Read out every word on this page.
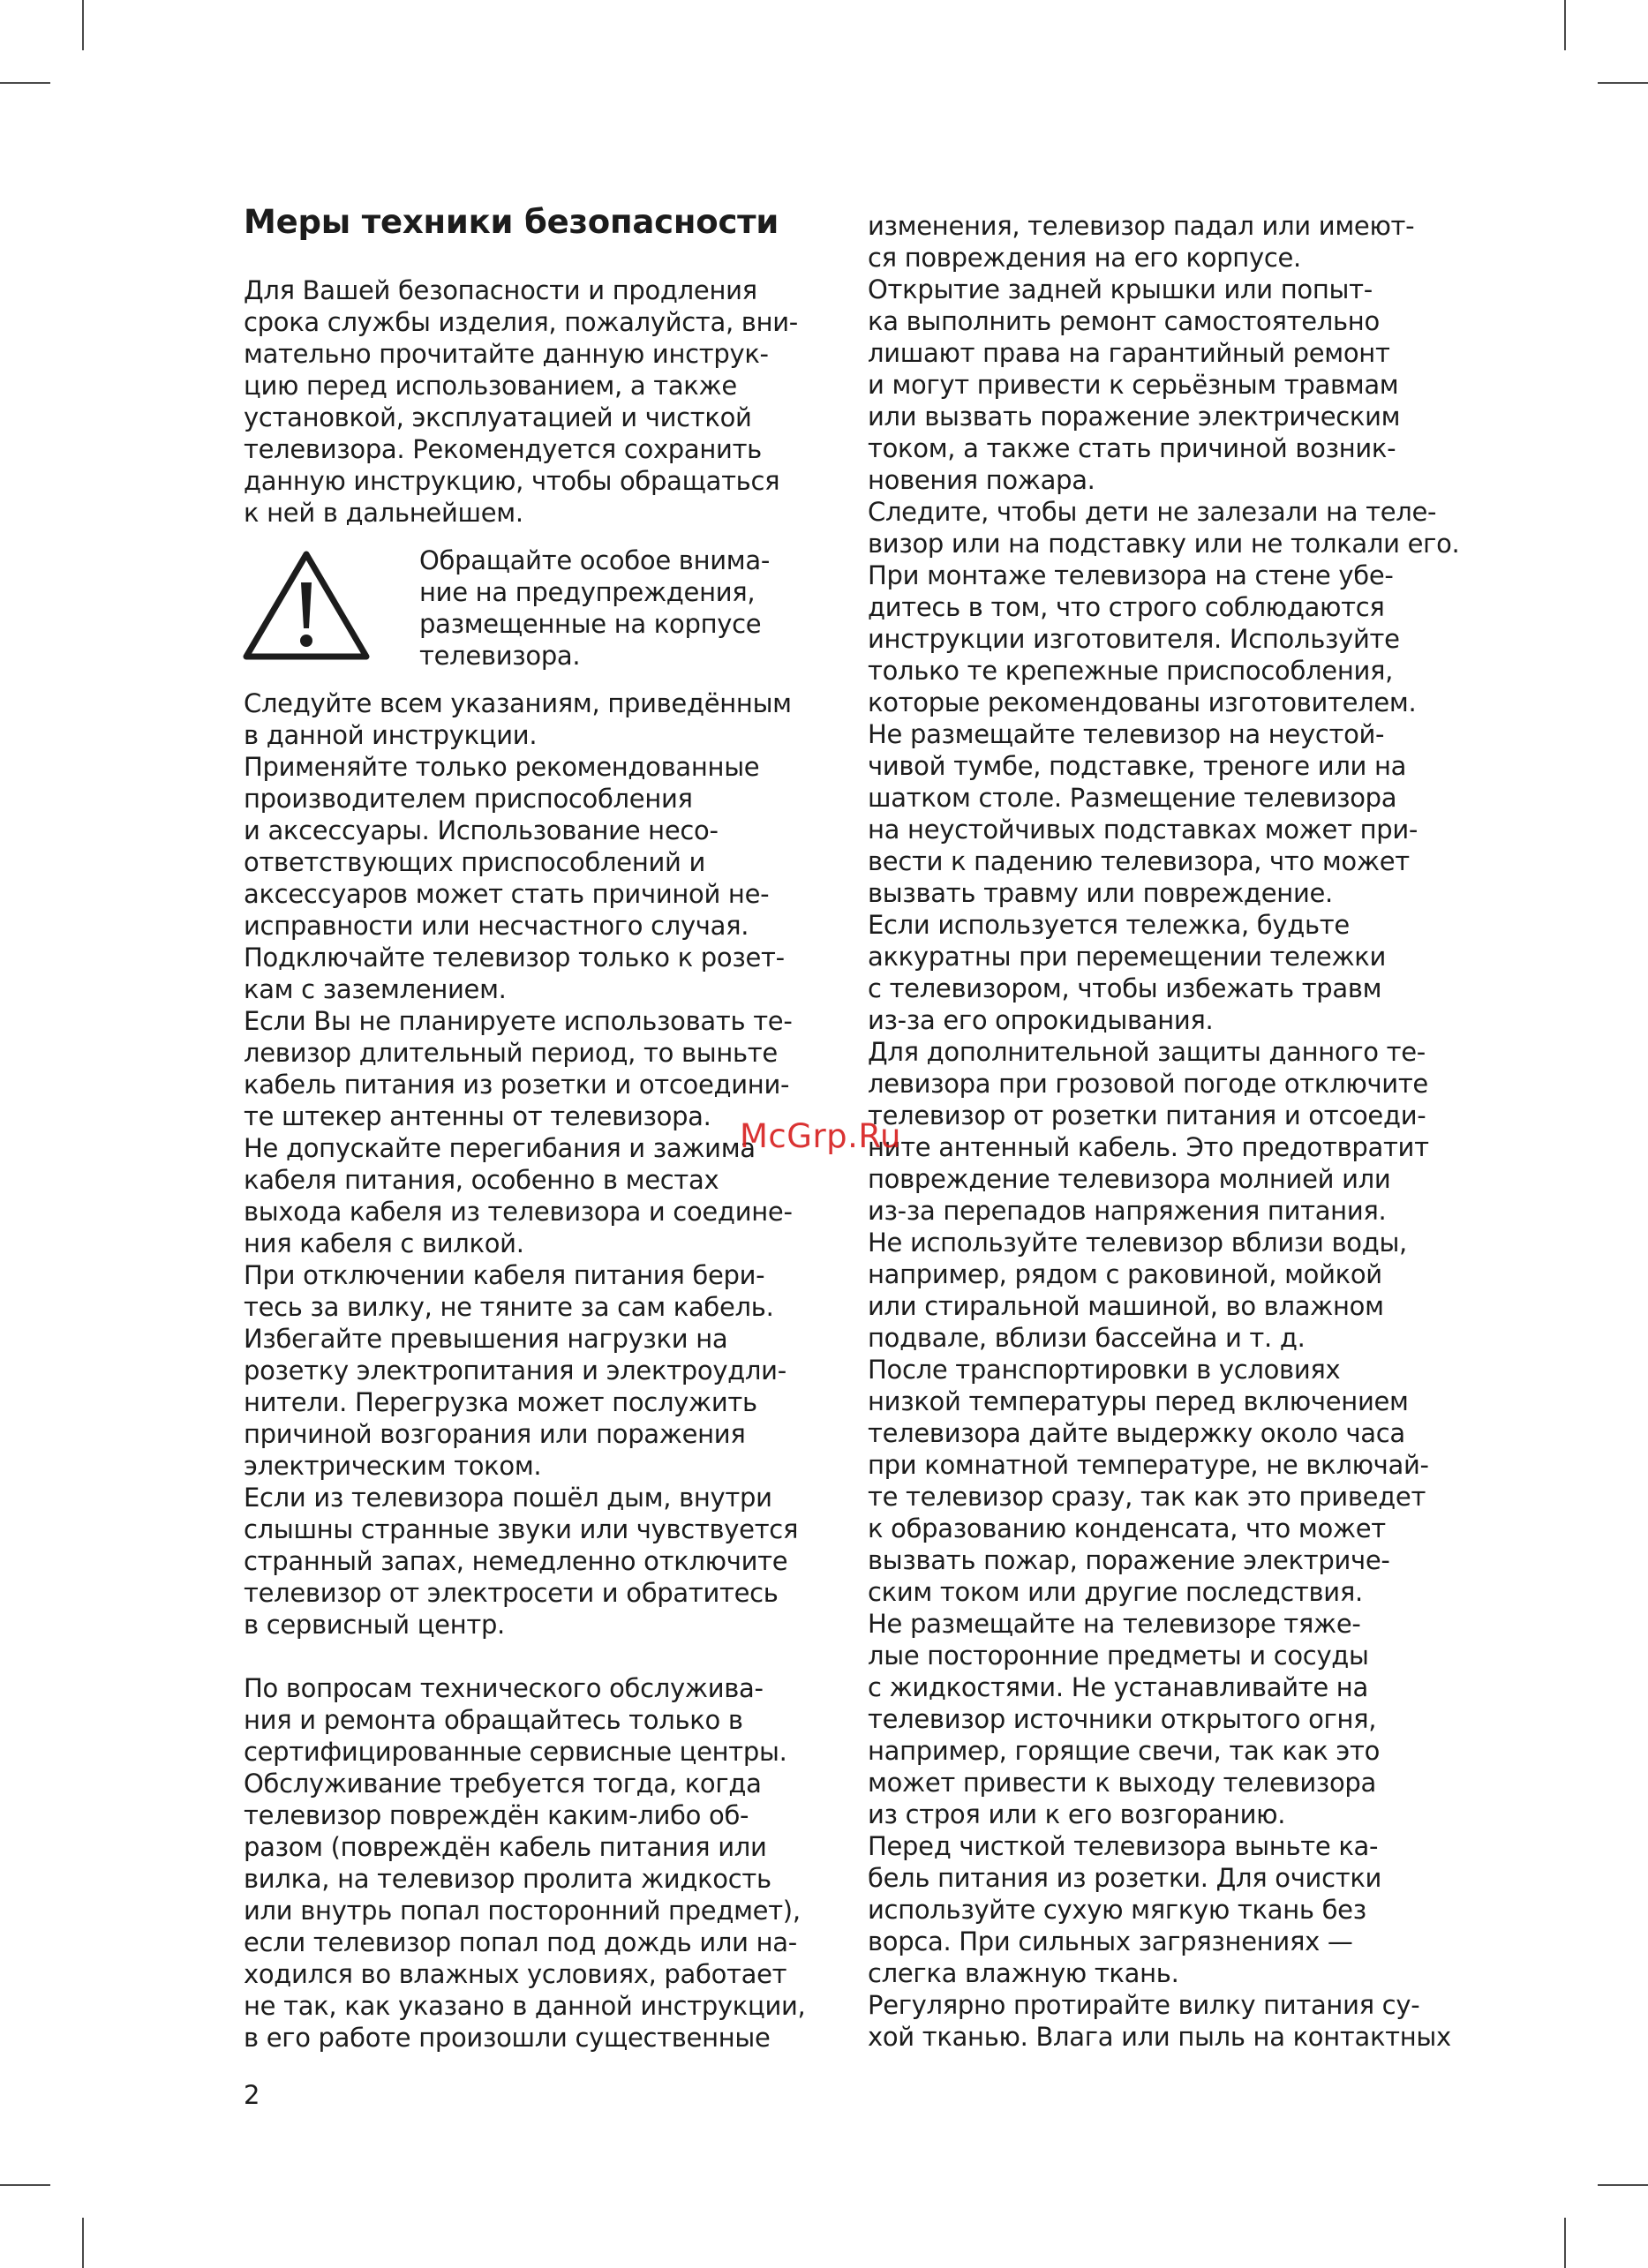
Меры техники безопасности
Для Вашей безопасности и продления
срока службы изделия, пожалуйста, вни-
мательно прочитайте данную инструк-
цию перед использованием, а также
установкой, эксплуатацией и чисткой
телевизора. Рекомендуется сохранить
данную инструкцию, чтобы обращаться
к ней в дальнейшем.
Обращайте особое внима-
ние на предупреждения,
размещенные на корпусе
телевизора.
Следуйте всем указаниям, приведённым
в данной инструкции.
Применяйте только рекомендованные
производителем приспособления
и аксессуары. Использование несо-
ответствующих приспособлений и
аксессуаров может стать причиной не-
исправности или несчастного случая.
Подключайте телевизор только к розет-
кам с заземлением.
Если Вы не планируете использовать те-
левизор длительный период, то выньте
кабель питания из розетки и отсоедини-
те штекер антенны от телевизора.
Не допускайте перегибания и зажима
кабеля питания, особенно в местах
выхода кабеля из телевизора и соедине-
ния кабеля с вилкой.
При отключении кабеля питания бери-
тесь за вилку, не тяните за сам кабель.
Избегайте превышения нагрузки на
розетку электропитания и электроудли-
нители. Перегрузка может послужить
причиной возгорания или поражения
электрическим током.
Если из телевизора пошёл дым, внутри
слышны странные звуки или чувствуется
странный запах, немедленно отключите
телевизор от электросети и обратитесь
в сервисный центр.
По вопросам технического обслужива-
ния и ремонта обращайтесь только в
сертифицированные сервисные центры.
Обслуживание требуется тогда, когда
телевизор повреждён каким-либо об-
разом (повреждён кабель питания или
вилка, на телевизор пролита жидкость
или внутрь попал посторонний предмет),
если телевизор попал под дождь или на-
ходился во влажных условиях, работает
не так, как указано в данной инструкции,
в его работе произошли существенные
изменения, телевизор падал или имеют-
ся повреждения на его корпусе.
Открытие задней крышки или попыт-
ка выполнить ремонт самостоятельно
лишают права на гарантийный ремонт
и могут привести к серьёзным травмам
или вызвать поражение электрическим
током, а также стать причиной возник-
новения пожара.
Следите, чтобы дети не залезали на теле-
визор или на подставку или не толкали его.
При монтаже телевизора на стене убе-
дитесь в том, что строго соблюдаются
инструкции изготовителя. Используйте
только те крепежные приспособления,
которые рекомендованы изготовителем.
Не размещайте телевизор на неустой-
чивой тумбе, подставке, треноге или на
шатком столе. Размещение телевизора
на неустойчивых подставках может при-
вести к падению телевизора, что может
вызвать травму или повреждение.
Если используется тележка, будьте
аккуратны при перемещении тележки
с телевизором, чтобы избежать травм
из-за его опрокидывания.
Для дополнительной защиты данного те-
левизора при грозовой погоде отключите
телевизор от розетки питания и отсоеди-
ните антенный кабель. Это предотвратит
повреждение телевизора молнией или
из-за перепадов напряжения питания.
Не используйте телевизор вблизи воды,
например, рядом с раковиной, мойкой
или стиральной машиной, во влажном
подвале, вблизи бассейна и т. д.
После транспортировки в условиях
низкой температуры перед включением
телевизора дайте выдержку около часа
при комнатной температуре, не включай-
те телевизор сразу, так как это приведет
к образованию конденсата, что может
вызвать пожар, поражение электриче-
ским током или другие последствия.
Не размещайте на телевизоре тяже-
лые посторонние предметы и сосуды
с жидкостями. Не устанавливайте на
телевизор источники открытого огня,
например, горящие свечи, так как это
может привести к выходу телевизора
из строя или к его возгоранию.
Перед чисткой телевизора выньте ка-
бель питания из розетки. Для очистки
используйте сухую мягкую ткань без
ворса. При сильных загрязнениях —
слегка влажную ткань.
Регулярно протирайте вилку питания су-
хой тканью. Влага или пыль на контактных
McGrp.Ru
2
